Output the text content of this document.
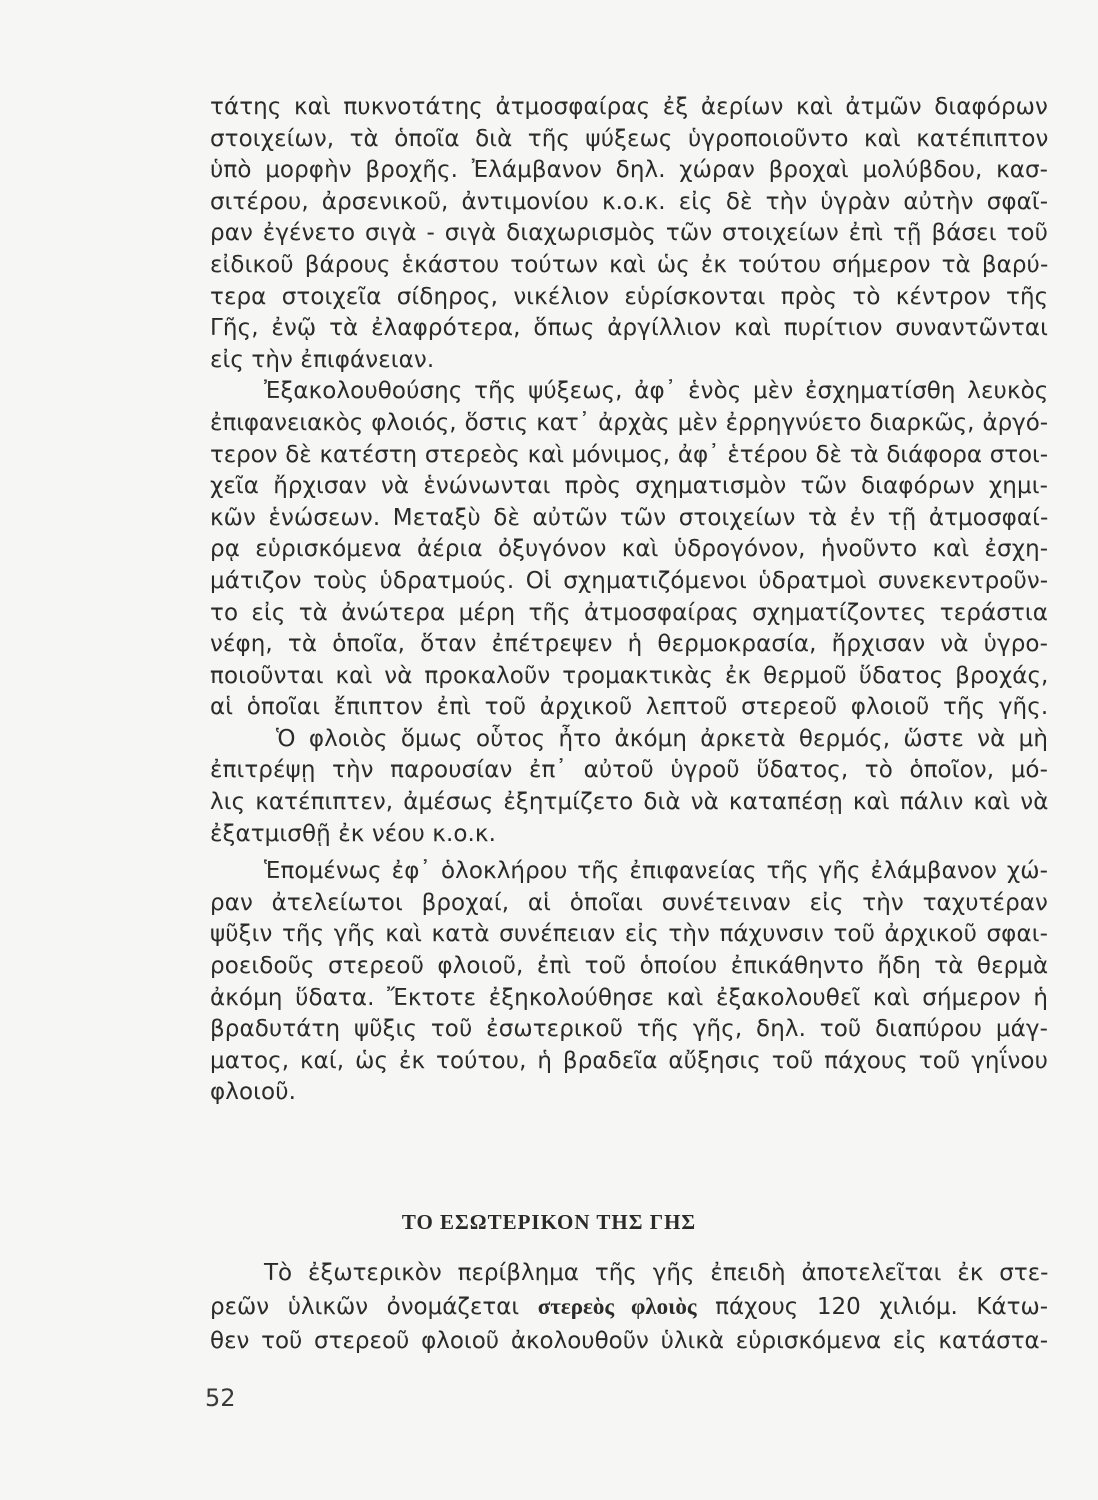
τάτης καὶ πυκνοτάτης ἀτμοσφαίρας ἐξ ἀερίων καὶ ἀτμῶν διαφόρων
στοιχείων, τὰ ὁποῖα διὰ τῆς ψύξεως ὑγροποιοῦντο καὶ κατέπιπτον
ὑπὸ μορφὴν βροχῆς. Ἐλάμβανον δηλ. χώραν βροχαὶ μολύβδου, κασ-
σιτέρου, ἀρσενικοῦ, ἀντιμονίου κ.ο.κ. εἰς δὲ τὴν ὑγρὰν αὐτὴν σφαῖ-
ραν ἐγένετο σιγὰ - σιγὰ διαχωρισμὸς τῶν στοιχείων ἐπὶ τῇ βάσει τοῦ
εἰδικοῦ βάρους ἑκάστου τούτων καὶ ὡς ἐκ τούτου σήμερον τὰ βαρύ-
τερα στοιχεῖα σίδηρος, νικέλιον εὑρίσκονται πρὸς τὸ κέντρον τῆς
Γῆς, ἐνῷ τὰ ἐλαφρότερα, ὅπως ἀργίλλιον καὶ πυρίτιον συναντῶνται
εἰς τὴν ἐπιφάνειαν.
Ἐξακολουθούσης τῆς ψύξεως, ἀφ᾽ ἑνὸς μὲν ἐσχηματίσθη λευκὸς
ἐπιφανειακὸς φλοιός, ὅστις κατ᾽ ἀρχὰς μὲν ἐρρηγνύετο διαρκῶς, ἀργό-
τερον δὲ κατέστη στερεὸς καὶ μόνιμος, ἀφ᾽ ἑτέρου δὲ τὰ διάφορα στοι-
χεῖα ἤρχισαν νὰ ἑνώνωνται πρὸς σχηματισμὸν τῶν διαφόρων χημι-
κῶν ἑνώσεων. Μεταξὺ δὲ αὐτῶν τῶν στοιχείων τὰ ἐν τῇ ἀτμοσφαί-
ρᾳ εὑρισκόμενα ἀέρια ὀξυγόνον καὶ ὑδρογόνον, ἡνοῦντο καὶ ἐσχη-
μάτιζον τοὺς ὑδρατμούς. Οἱ σχηματιζόμενοι ὑδρατμοὶ συνεκεντροῦν-
το εἰς τὰ ἀνώτερα μέρη τῆς ἀτμοσφαίρας σχηματίζοντες τεράστια
νέφη, τὰ ὁποῖα, ὅταν ἐπέτρεψεν ἡ θερμοκρασία, ἤρχισαν νὰ ὑγρο-
ποιοῦνται καὶ νὰ προκαλοῦν τρομακτικὰς ἐκ θερμοῦ ὕδατος βροχάς,
αἱ ὁποῖαι ἔπιπτον ἐπὶ τοῦ ἀρχικοῦ λεπτοῦ στερεοῦ φλοιοῦ τῆς γῆς.
Ὁ φλοιὸς ὅμως οὗτος ἦτο ἀκόμη ἀρκετὰ θερμός, ὥστε νὰ μὴ
ἐπιτρέψῃ τὴν παρουσίαν ἐπ᾽ αὐτοῦ ὑγροῦ ὕδατος, τὸ ὁποῖον, μό-
λις κατέπιπτεν, ἀμέσως ἐξητμίζετο διὰ νὰ καταπέσῃ καὶ πάλιν καὶ νὰ
ἐξατμισθῇ ἐκ νέου κ.ο.κ.
Ἑπομένως ἐφ᾽ ὁλοκλήρου τῆς ἐπιφανείας τῆς γῆς ἐλάμβανον χώ-
ραν ἀτελείωτοι βροχαί, αἱ ὁποῖαι συνέτειναν εἰς τὴν ταχυτέραν
ψῦξιν τῆς γῆς καὶ κατὰ συνέπειαν εἰς τὴν πάχυνσιν τοῦ ἀρχικοῦ σφαι-
ροειδοῦς στερεοῦ φλοιοῦ, ἐπὶ τοῦ ὁποίου ἐπικάθηντο ἤδη τὰ θερμὰ
ἀκόμη ὕδατα. Ἔκτοτε ἐξηκολούθησε καὶ ἐξακολουθεῖ καὶ σήμερον ἡ
βραδυτάτη ψῦξις τοῦ ἐσωτερικοῦ τῆς γῆς, δηλ. τοῦ διαπύρου μάγ-
ματος, καί, ὡς ἐκ τούτου, ἡ βραδεῖα αὔξησις τοῦ πάχους τοῦ γηΐνου
φλοιοῦ.
ΤΟ ΕΣΩΤΕΡΙΚΟΝ ΤΗΣ ΓΗΣ
Τὸ ἐξωτερικὸν περίβλημα τῆς γῆς ἐπειδὴ ἀποτελεῖται ἐκ στε-
ρεῶν ὑλικῶν ὀνομάζεται στερεὸς φλοιὸς πάχους 120 χιλιόμ. Κάτω-
θεν τοῦ στερεοῦ φλοιοῦ ἀκολουθοῦν ὑλικὰ εὑρισκόμενα εἰς κατάστα-
52
